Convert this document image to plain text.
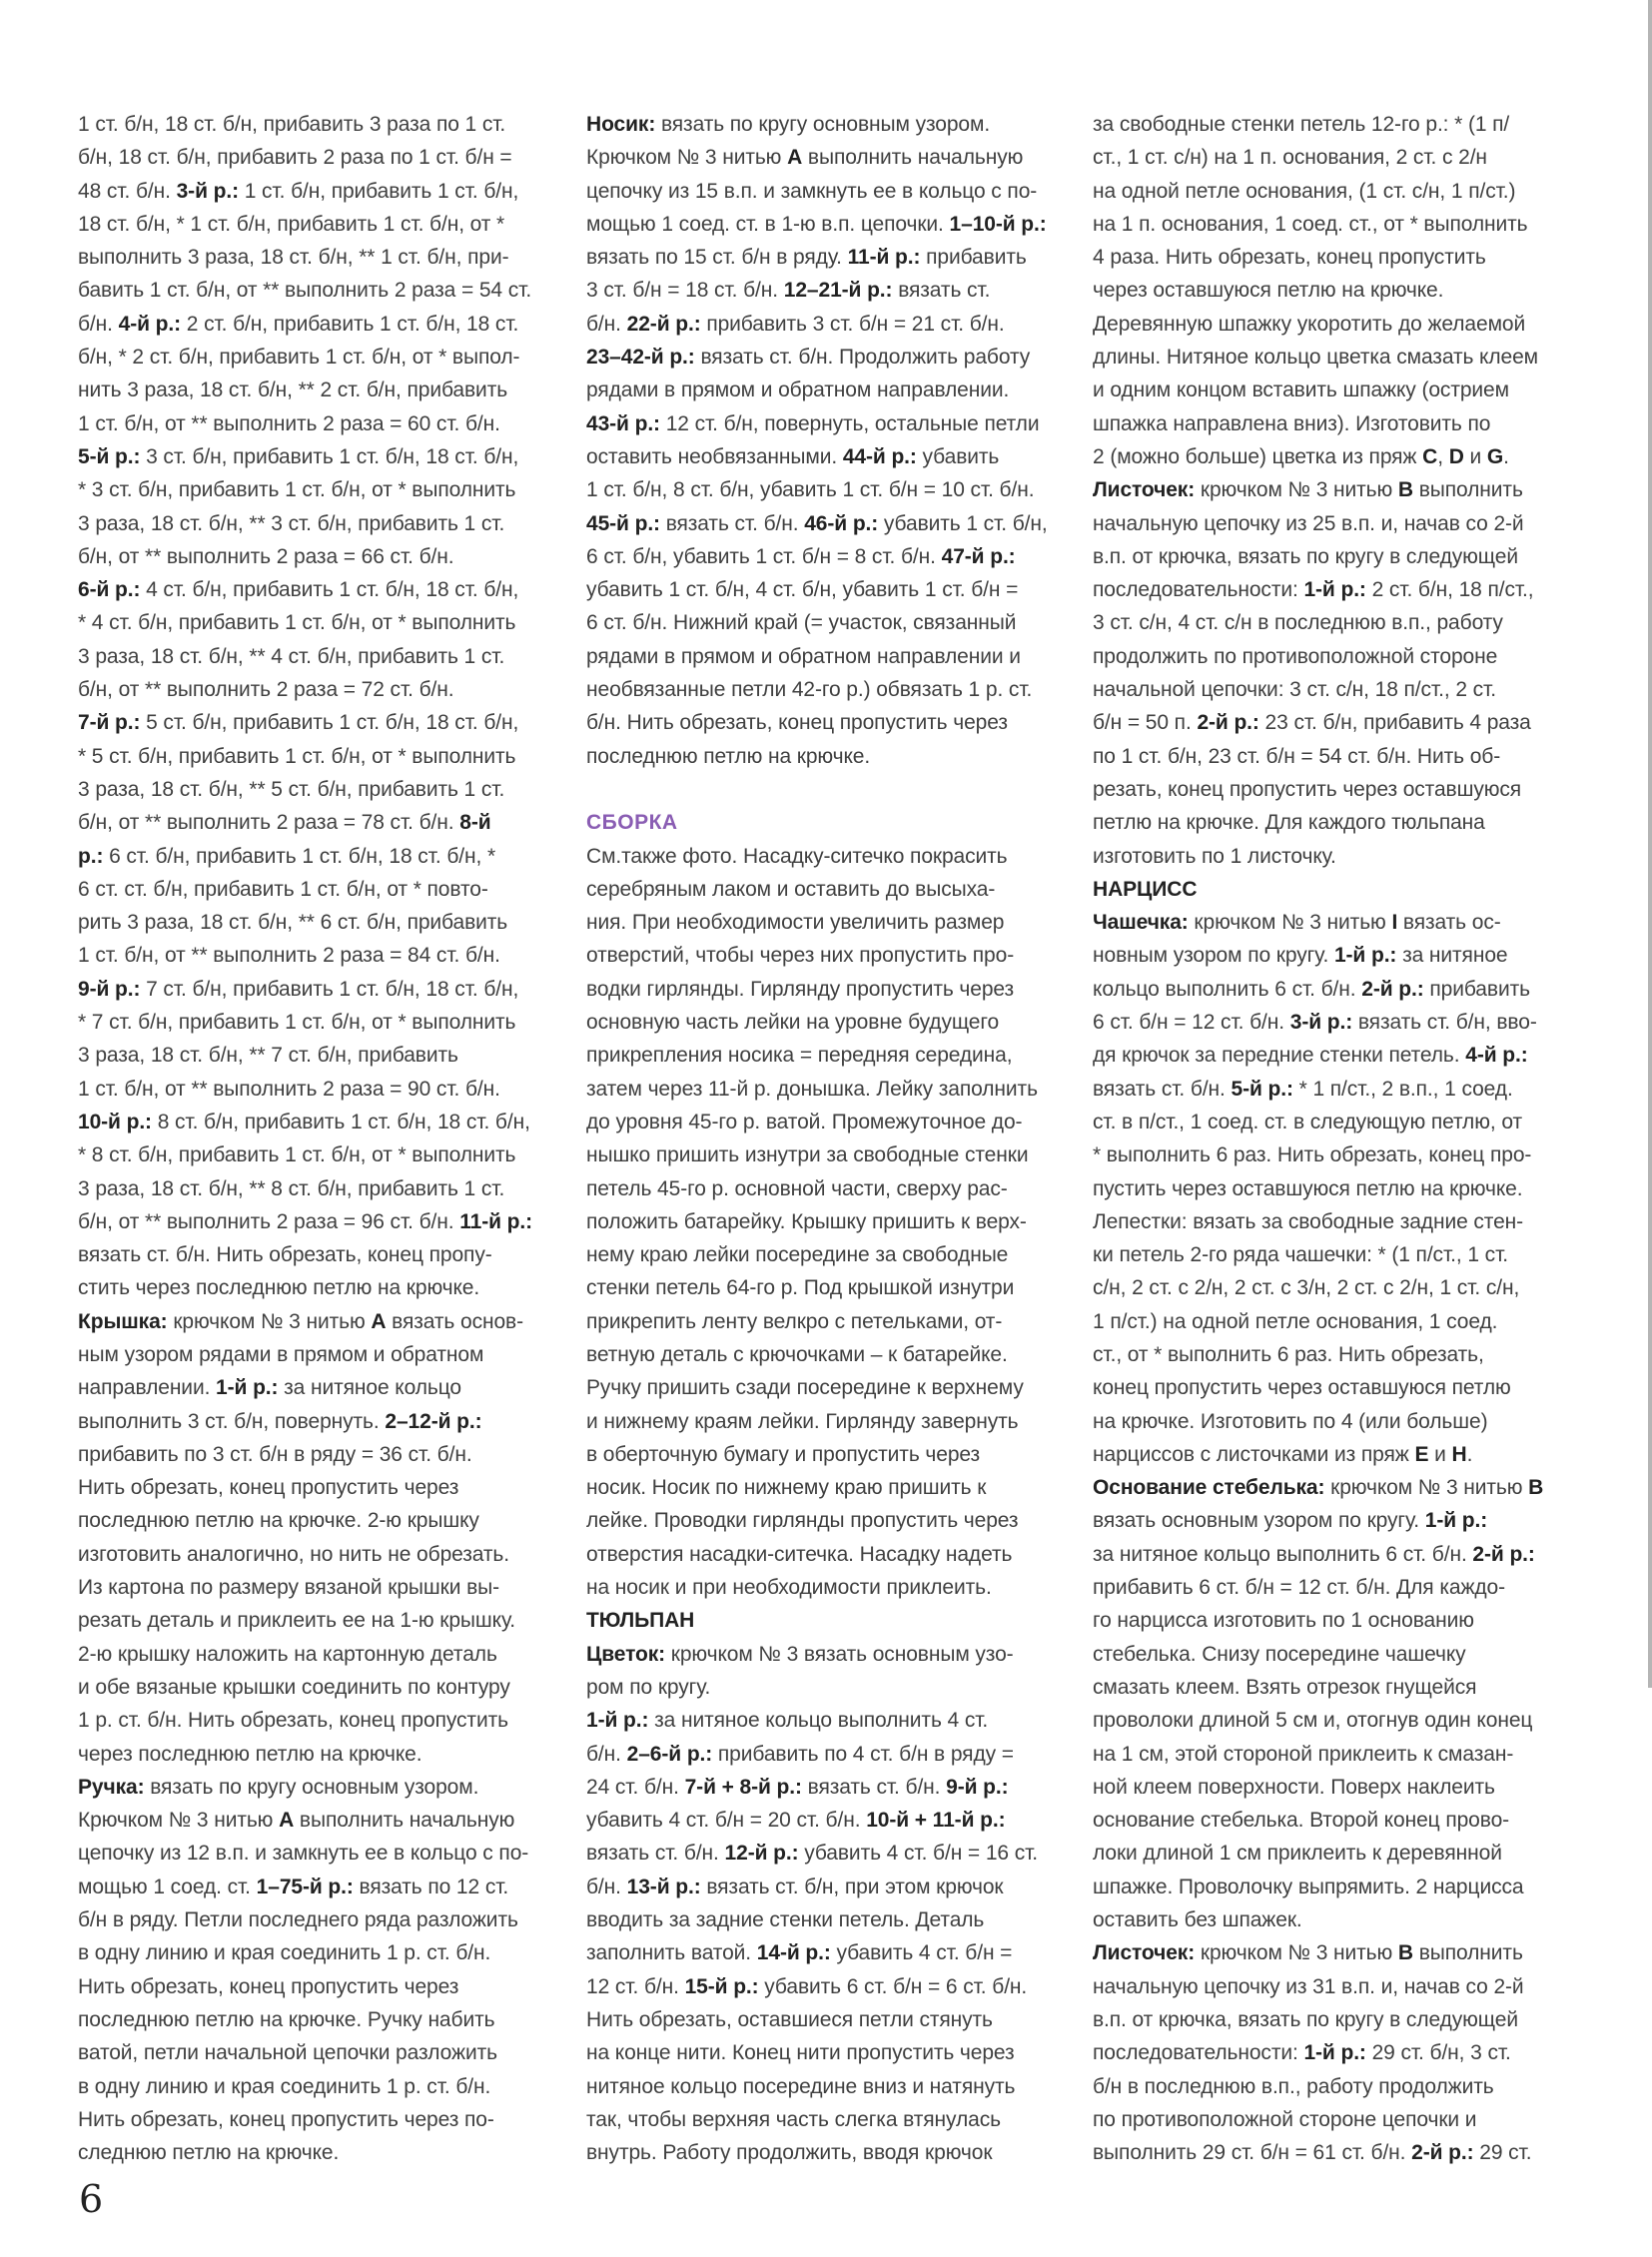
1 ст. б/н, 18 ст. б/н, прибавить 3 раза по 1 ст.
б/н, 18 ст. б/н, прибавить 2 раза по 1 ст. б/н =
48 ст. б/н. 3-й р.: 1 ст. б/н, прибавить 1 ст. б/н,
18 ст. б/н, * 1 ст. б/н, прибавить 1 ст. б/н, от *
выполнить 3 раза, 18 ст. б/н, ** 1 ст. б/н, при-
бавить 1 ст. б/н, от ** выполнить 2 раза = 54 ст.
б/н. 4-й р.: 2 ст. б/н, прибавить 1 ст. б/н, 18 ст.
б/н, * 2 ст. б/н, прибавить 1 ст. б/н, от * выпол-
нить 3 раза, 18 ст. б/н, ** 2 ст. б/н, прибавить
1 ст. б/н, от ** выполнить 2 раза = 60 ст. б/н.
5-й р.: 3 ст. б/н, прибавить 1 ст. б/н, 18 ст. б/н,
* 3 ст. б/н, прибавить 1 ст. б/н, от * выполнить
3 раза, 18 ст. б/н, ** 3 ст. б/н, прибавить 1 ст.
б/н, от ** выполнить 2 раза = 66 ст. б/н.
6-й р.: 4 ст. б/н, прибавить 1 ст. б/н, 18 ст. б/н,
* 4 ст. б/н, прибавить 1 ст. б/н, от * выполнить
3 раза, 18 ст. б/н, ** 4 ст. б/н, прибавить 1 ст.
б/н, от ** выполнить 2 раза = 72 ст. б/н.
7-й р.: 5 ст. б/н, прибавить 1 ст. б/н, 18 ст. б/н,
* 5 ст. б/н, прибавить 1 ст. б/н, от * выполнить
3 раза, 18 ст. б/н, ** 5 ст. б/н, прибавить 1 ст.
б/н, от ** выполнить 2 раза = 78 ст. б/н. 8-й
р.: 6 ст. б/н, прибавить 1 ст. б/н, 18 ст. б/н, *
6 ст. ст. б/н, прибавить 1 ст. б/н, от * повто-
рить 3 раза, 18 ст. б/н, ** 6 ст. б/н, прибавить
1 ст. б/н, от ** выполнить 2 раза = 84 ст. б/н.
9-й р.: 7 ст. б/н, прибавить 1 ст. б/н, 18 ст. б/н,
* 7 ст. б/н, прибавить 1 ст. б/н, от * выполнить
3 раза, 18 ст. б/н, ** 7 ст. б/н, прибавить
1 ст. б/н, от ** выполнить 2 раза = 90 ст. б/н.
10-й р.: 8 ст. б/н, прибавить 1 ст. б/н, 18 ст. б/н,
* 8 ст. б/н, прибавить 1 ст. б/н, от * выполнить
3 раза, 18 ст. б/н, ** 8 ст. б/н, прибавить 1 ст.
б/н, от ** выполнить 2 раза = 96 ст. б/н. 11-й р.:
вязать ст. б/н. Нить обрезать, конец пропу-
стить через последнюю петлю на крючке.
Крышка: крючком № 3 нитью A вязать основ-
ным узором рядами в прямом и обратном
направлении. 1-й р.: за нитяное кольцо
выполнить 3 ст. б/н, повернуть. 2–12-й р.:
прибавить по 3 ст. б/н в ряду = 36 ст. б/н.
Нить обрезать, конец пропустить через
последнюю петлю на крючке. 2-ю крышку
изготовить аналогично, но нить не обрезать.
Из картона по размеру вязаной крышки вы-
резать деталь и приклеить ее на 1-ю крышку.
2-ю крышку наложить на картонную деталь
и обе вязаные крышки соединить по контуру
1 р. ст. б/н. Нить обрезать, конец пропустить
через последнюю петлю на крючке.
Ручка: вязать по кругу основным узором.
Крючком № 3 нитью A выполнить начальную
цепочку из 12 в.п. и замкнуть ее в кольцо с по-
мощью 1 соед. ст. 1–75-й р.: вязать по 12 ст.
б/н в ряду. Петли последнего ряда разложить
в одну линию и края соединить 1 р. ст. б/н.
Нить обрезать, конец пропустить через
последнюю петлю на крючке. Ручку набить
ватой, петли начальной цепочки разложить
в одну линию и края соединить 1 р. ст. б/н.
Нить обрезать, конец пропустить через по-
следнюю петлю на крючке.
Носик: вязать по кругу основным узором.
Крючком № 3 нитью A выполнить начальную
цепочку из 15 в.п. и замкнуть ее в кольцо с по-
мощью 1 соед. ст. в 1-ю в.п. цепочки. 1–10-й р.:
вязать по 15 ст. б/н в ряду. 11-й р.: прибавить
3 ст. б/н = 18 ст. б/н. 12–21-й р.: вязать ст.
б/н. 22-й р.: прибавить 3 ст. б/н = 21 ст. б/н.
23–42-й р.: вязать ст. б/н. Продолжить работу
рядами в прямом и обратном направлении.
43-й р.: 12 ст. б/н, повернуть, остальные петли
оставить необвязанными. 44-й р.: убавить
1 ст. б/н, 8 ст. б/н, убавить 1 ст. б/н = 10 ст. б/н.
45-й р.: вязать ст. б/н. 46-й р.: убавить 1 ст. б/н,
6 ст. б/н, убавить 1 ст. б/н = 8 ст. б/н. 47-й р.:
убавить 1 ст. б/н, 4 ст. б/н, убавить 1 ст. б/н =
6 ст. б/н. Нижний край (= участок, связанный
рядами в прямом и обратном направлении и
необвязанные петли 42-го р.) обвязать 1 р. ст.
б/н. Нить обрезать, конец пропустить через
последнюю петлю на крючке.
СБОРКА
См.также фото. Насадку-ситечко покрасить
серебряным лаком и оставить до высыха-
ния. При необходимости увеличить размер
отверстий, чтобы через них пропустить про-
водки гирлянды. Гирлянду пропустить через
основную часть лейки на уровне будущего
прикрепления носика = передняя середина,
затем через 11-й р. донышка. Лейку заполнить
до уровня 45-го р. ватой. Промежуточное до-
нышко пришить изнутри за свободные стенки
петель 45-го р. основной части, сверху рас-
положить батарейку. Крышку пришить к верх-
нему краю лейки посередине за свободные
стенки петель 64-го р. Под крышкой изнутри
прикрепить ленту велкро с петельками, от-
ветную деталь с крючочками – к батарейке.
Ручку пришить сзади посередине к верхнему
и нижнему краям лейки. Гирлянду завернуть
в оберточную бумагу и пропустить через
носик. Носик по нижнему краю пришить к
лейке. Проводки гирлянды пропустить через
отверстия насадки-ситечка. Насадку надеть
на носик и при необходимости приклеить.
ТЮЛЬПАН
Цветок: крючком № 3 вязать основным узо-
ром по кругу.
1-й р.: за нитяное кольцо выполнить 4 ст.
б/н. 2–6-й р.: прибавить по 4 ст. б/н в ряду =
24 ст. б/н. 7-й + 8-й р.: вязать ст. б/н. 9-й р.:
убавить 4 ст. б/н = 20 ст. б/н. 10-й + 11-й р.:
вязать ст. б/н. 12-й р.: убавить 4 ст. б/н = 16 ст.
б/н. 13-й р.: вязать ст. б/н, при этом крючок
вводить за задние стенки петель. Деталь
заполнить ватой. 14-й р.: убавить 4 ст. б/н =
12 ст. б/н. 15-й р.: убавить 6 ст. б/н = 6 ст. б/н.
Нить обрезать, оставшиеся петли стянуть
на конце нити. Конец нити пропустить через
нитяное кольцо посередине вниз и натянуть
так, чтобы верхняя часть слегка втянулась
внутрь. Работу продолжить, вводя крючок
за свободные стенки петель 12-го р.: * (1 п/
ст., 1 ст. с/н) на 1 п. основания, 2 ст. с 2/н
на одной петле основания, (1 ст. с/н, 1 п/ст.)
на 1 п. основания, 1 соед. ст., от * выполнить
4 раза. Нить обрезать, конец пропустить
через оставшуюся петлю на крючке.
Деревянную шпажку укоротить до желаемой
длины. Нитяное кольцо цветка смазать клеем
и одним концом вставить шпажку (острием
шпажка направлена вниз). Изготовить по
2 (можно больше) цветка из пряж C, D и G.
Листочек: крючком № 3 нитью B выполнить
начальную цепочку из 25 в.п. и, начав со 2-й
в.п. от крючка, вязать по кругу в следующей
последовательности: 1-й р.: 2 ст. б/н, 18 п/ст.,
3 ст. с/н, 4 ст. с/н в последнюю в.п., работу
продолжить по противоположной стороне
начальной цепочки: 3 ст. с/н, 18 п/ст., 2 ст.
б/н = 50 п. 2-й р.: 23 ст. б/н, прибавить 4 раза
по 1 ст. б/н, 23 ст. б/н = 54 ст. б/н. Нить об-
резать, конец пропустить через оставшуюся
петлю на крючке. Для каждого тюльпана
изготовить по 1 листочку.
НАРЦИСС
Чашечка: крючком № 3 нитью I вязать ос-
новным узором по кругу. 1-й р.: за нитяное
кольцо выполнить 6 ст. б/н. 2-й р.: прибавить
6 ст. б/н = 12 ст. б/н. 3-й р.: вязать ст. б/н, вво-
дя крючок за передние стенки петель. 4-й р.:
вязать ст. б/н. 5-й р.: * 1 п/ст., 2 в.п., 1 соед.
ст. в п/ст., 1 соед. ст. в следующую петлю, от
* выполнить 6 раз. Нить обрезать, конец про-
пустить через оставшуюся петлю на крючке.
Лепестки: вязать за свободные задние стен-
ки петель 2-го ряда чашечки: * (1 п/ст., 1 ст.
с/н, 2 ст. с 2/н, 2 ст. с 3/н, 2 ст. с 2/н, 1 ст. с/н,
1 п/ст.) на одной петле основания, 1 соед.
ст., от * выполнить 6 раз. Нить обрезать,
конец пропустить через оставшуюся петлю
на крючке. Изготовить по 4 (или больше)
нарциссов с листочками из пряж E и H.
Основание стебелька: крючком № 3 нитью B
вязать основным узором по кругу. 1-й р.:
за нитяное кольцо выполнить 6 ст. б/н. 2-й р.:
прибавить 6 ст. б/н = 12 ст. б/н. Для каждо-
го нарцисса изготовить по 1 основанию
стебелька. Снизу посередине чашечку
смазать клеем. Взять отрезок гнущейся
проволоки длиной 5 см и, отогнув один конец
на 1 см, этой стороной приклеить к смазан-
ной клеем поверхности. Поверх наклеить
основание стебелька. Второй конец прово-
локи длиной 1 см приклеить к деревянной
шпажке. Проволочку выпрямить. 2 нарцисса
оставить без шпажек.
Листочек: крючком № 3 нитью B выполнить
начальную цепочку из 31 в.п. и, начав со 2-й
в.п. от крючка, вязать по кругу в следующей
последовательности: 1-й р.: 29 ст. б/н, 3 ст.
б/н в последнюю в.п., работу продолжить
по противоположной стороне цепочки и
выполнить 29 ст. б/н = 61 ст. б/н. 2-й р.: 29 ст.
6
